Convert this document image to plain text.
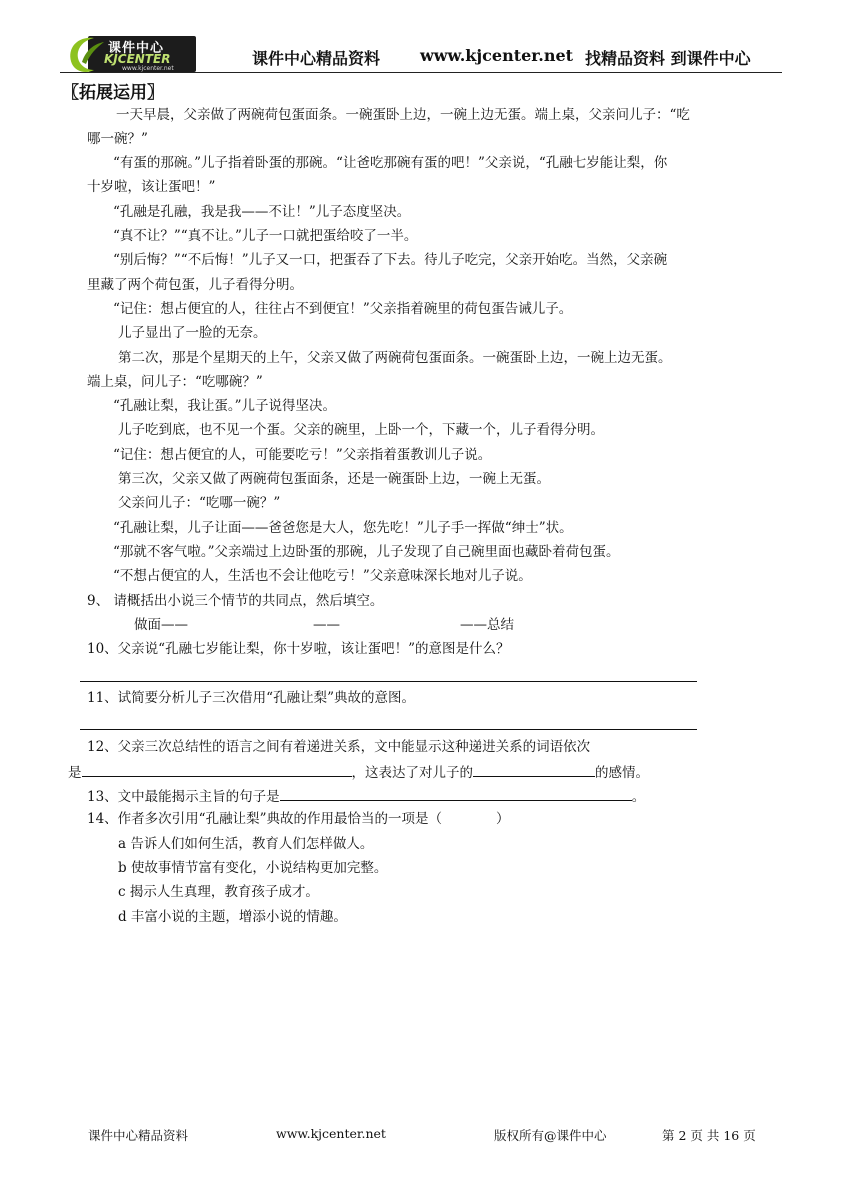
课件中心
KJCENTER
www.kjcenter.net
课件中心精品资料 www.kjcenter.net 找精品资料 到课件中心
〖拓展运用〗
一天早晨，父亲做了两碗荷包蛋面条。一碗蛋卧上边，一碗上边无蛋。端上桌，父亲问儿子：“吃
哪一碗？”
“有蛋的那碗。”儿子指着卧蛋的那碗。“让爸吃那碗有蛋的吧！”父亲说，“孔融七岁能让梨，你
十岁啦，该让蛋吧！”
“孔融是孔融，我是我——不让！”儿子态度坚决。
“真不让？”“真不让。”儿子一口就把蛋给咬了一半。
“别后悔？”“不后悔！”儿子又一口，把蛋吞了下去。待儿子吃完，父亲开始吃。当然，父亲碗
里藏了两个荷包蛋，儿子看得分明。
“记住：想占便宜的人，往往占不到便宜！”父亲指着碗里的荷包蛋告诫儿子。
儿子显出了一脸的无奈。
第二次，那是个星期天的上午，父亲又做了两碗荷包蛋面条。一碗蛋卧上边，一碗上边无蛋。
端上桌，问儿子：“吃哪碗？”
“孔融让梨，我让蛋。”儿子说得坚决。
儿子吃到底，也不见一个蛋。父亲的碗里，上卧一个，下藏一个，儿子看得分明。
“记住：想占便宜的人，可能要吃亏！”父亲指着蛋教训儿子说。
第三次，父亲又做了两碗荷包蛋面条，还是一碗蛋卧上边，一碗上无蛋。
父亲问儿子：“吃哪一碗？”
“孔融让梨，儿子让面——爸爸您是大人，您先吃！”儿子手一挥做“绅士”状。
“那就不客气啦。”父亲端过上边卧蛋的那碗，儿子发现了自己碗里面也藏卧着荷包蛋。
“不想占便宜的人，生活也不会让他吃亏！”父亲意味深长地对儿子说。
9、 请概括出小说三个情节的共同点，然后填空。
做面——	——	——总结
10、父亲说“孔融七岁能让梨，你十岁啦，该让蛋吧！”的意图是什么？
11、试简要分析儿子三次借用“孔融让梨”典故的意图。
12、父亲三次总结性的语言之间有着递进关系，文中能显示这种递进关系的词语依次
是	，这表达了对儿子的	的感情。
13、文中最能揭示主旨的句子是	。
14、作者多次引用“孔融让梨”典故的作用最恰当的一项是（　　　　）
a 告诉人们如何生活，教育人们怎样做人。
b 使故事情节富有变化，小说结构更加完整。
c 揭示人生真理，教育孩子成才。
d 丰富小说的主题，增添小说的情趣。
课件中心精品资料	www.kjcenter.net	版权所有@课件中心	第 2 页 共 16 页
